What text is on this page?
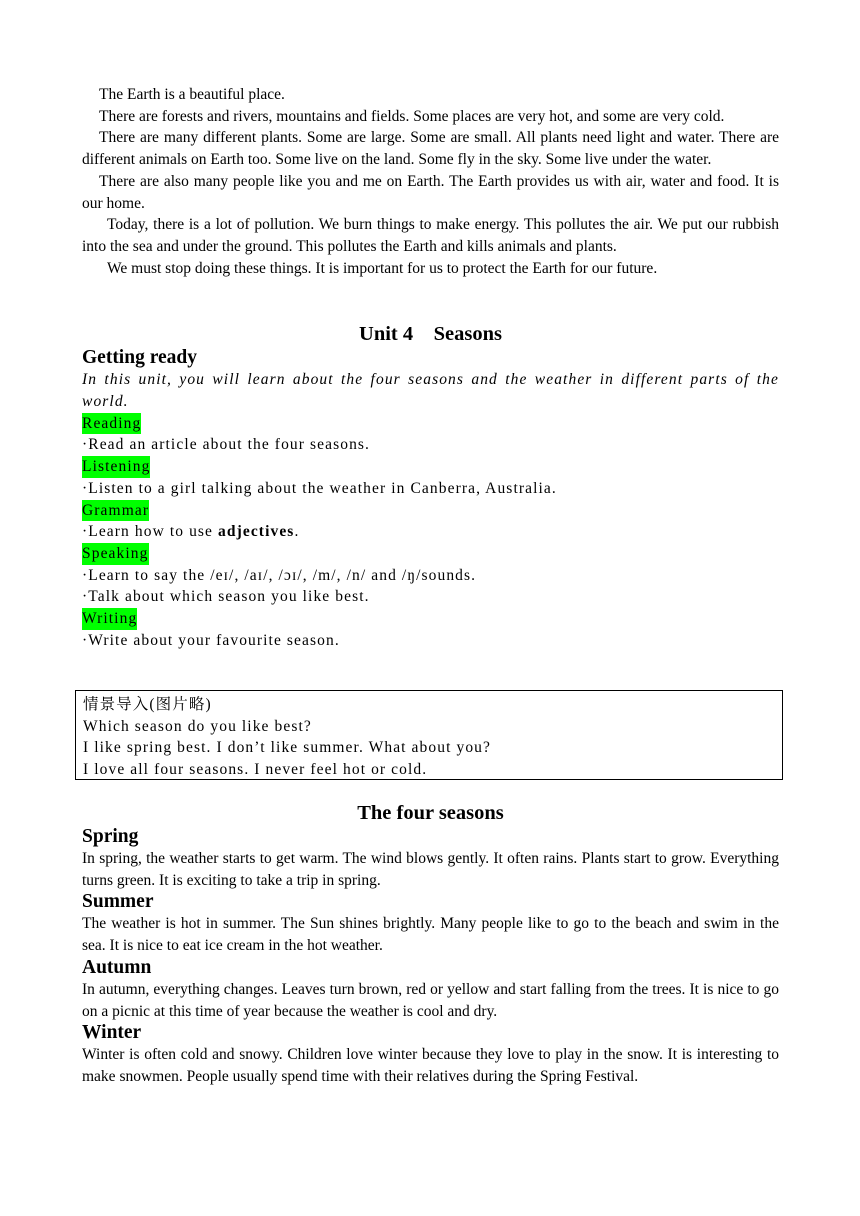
The Earth is a beautiful place.

There are forests and rivers, mountains and fields. Some places are very hot, and some are very cold.

There are many different plants. Some are large. Some are small. All plants need light and water. There are different animals on Earth too. Some live on the land. Some fly in the sky. Some live under the water.

There are also many people like you and me on Earth. The Earth provides us with air, water and food. It is our home.

Today, there is a lot of pollution. We burn things to make energy. This pollutes the air. We put our rubbish into the sea and under the ground. This pollutes the Earth and kills animals and plants.

We must stop doing these things. It is important for us to protect the Earth for our future.

Unit 4 Seasons

Getting ready

In this unit, you will learn about the four seasons and the weather in different parts of the world.

Reading

·Read an article about the four seasons.

Listening

·Listen to a girl talking about the weather in Canberra, Australia.

Grammar

·Learn how to use adjectives.

Speaking

·Learn to say the /eɪ/, /aɪ/, /ɔɪ/, /m/, /n/ and /ŋ/sounds.

·Talk about which season you like best.

Writing

·Write about your favourite season.

情景导入(图片略)

Which season do you like best?

I like spring best. I don’t like summer. What about you?

I love all four seasons. I never feel hot or cold.

The four seasons

Spring

In spring, the weather starts to get warm. The wind blows gently. It often rains. Plants start to grow. Everything turns green. It is exciting to take a trip in spring.

Summer

The weather is hot in summer. The Sun shines brightly. Many people like to go to the beach and swim in the sea. It is nice to eat ice cream in the hot weather.

Autumn

In autumn, everything changes. Leaves turn brown, red or yellow and start falling from the trees. It is nice to go on a picnic at this time of year because the weather is cool and dry.

Winter

Winter is often cold and snowy. Children love winter because they love to play in the snow. It is interesting to make snowmen. People usually spend time with their relatives during the Spring Festival.
